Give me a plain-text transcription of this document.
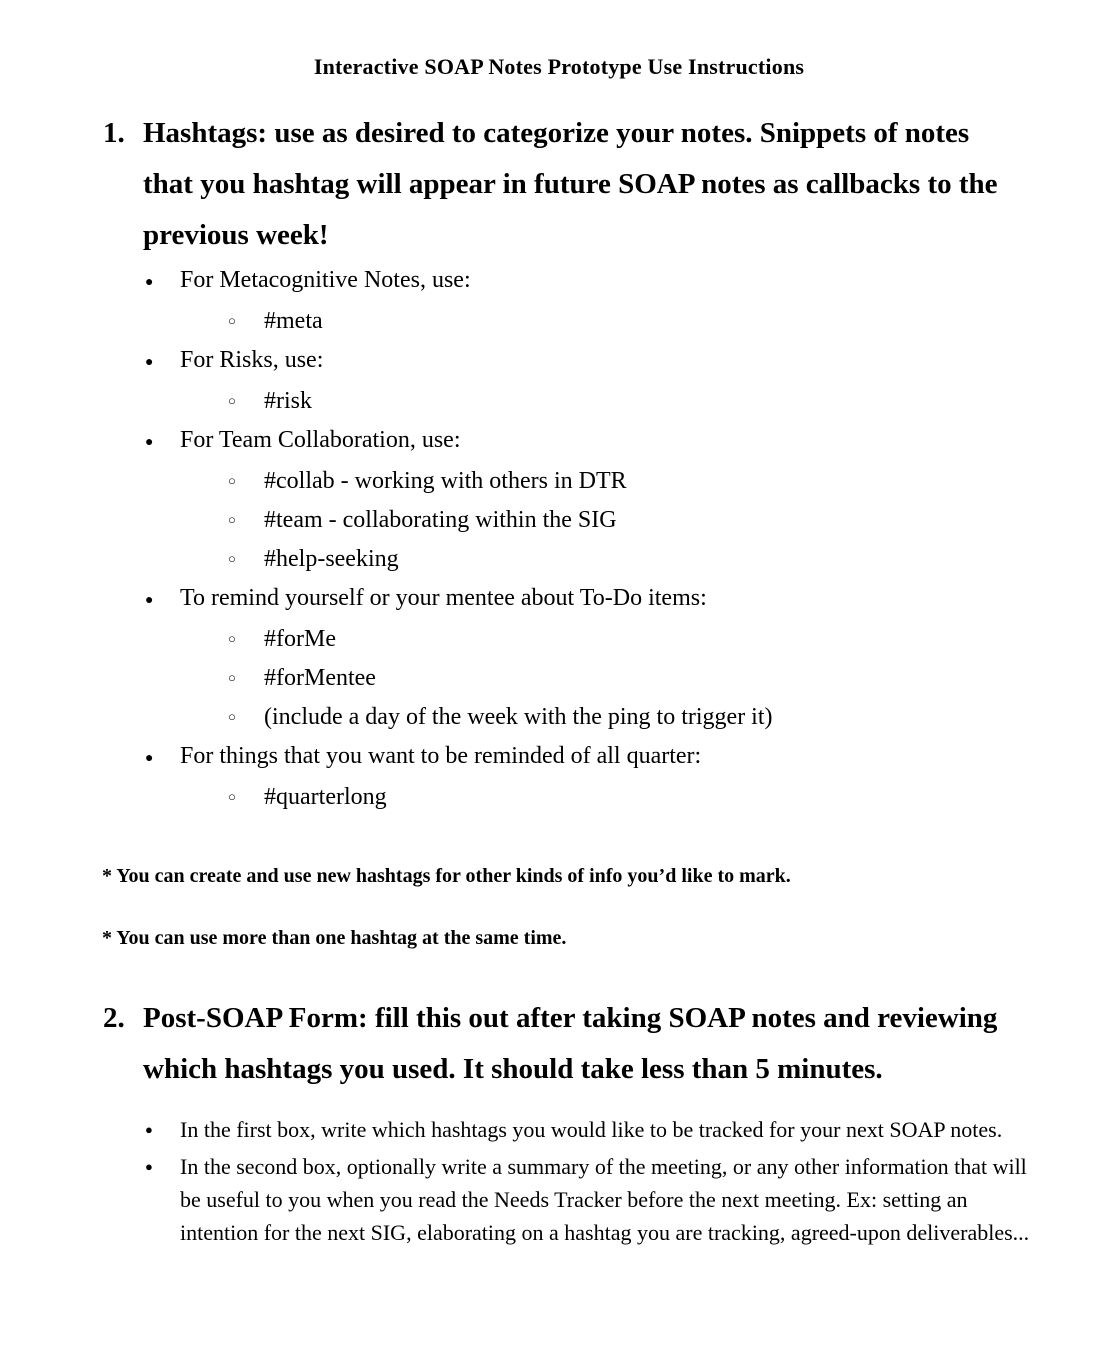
Interactive SOAP Notes Prototype Use Instructions
1. Hashtags: use as desired to categorize your notes. Snippets of notes that you hashtag will appear in future SOAP notes as callbacks to the previous week!
●
For Metacognitive Notes, use:
○
#meta
●
For Risks, use:
○
#risk
●
For Team Collaboration, use:
○
#collab - working with others in DTR
○
#team - collaborating within the SIG
○
#help-seeking
●
To remind yourself or your mentee about To-Do items:
○
#forMe
○
#forMentee
○
(include a day of the week with the ping to trigger it)
●
For things that you want to be reminded of all quarter:
○
#quarterlong
* You can create and use new hashtags for other kinds of info you’d like to mark.
* You can use more than one hashtag at the same time.
2. Post-SOAP Form: fill this out after taking SOAP notes and reviewing which hashtags you used. It should take less than 5 minutes.
●
In the first box, write which hashtags you would like to be tracked for your next SOAP notes.
●
In the second box, optionally write a summary of the meeting, or any other information that will be useful to you when you read the Needs Tracker before the next meeting. Ex: setting an intention for the next SIG, elaborating on a hashtag you are tracking, agreed-upon deliverables...
